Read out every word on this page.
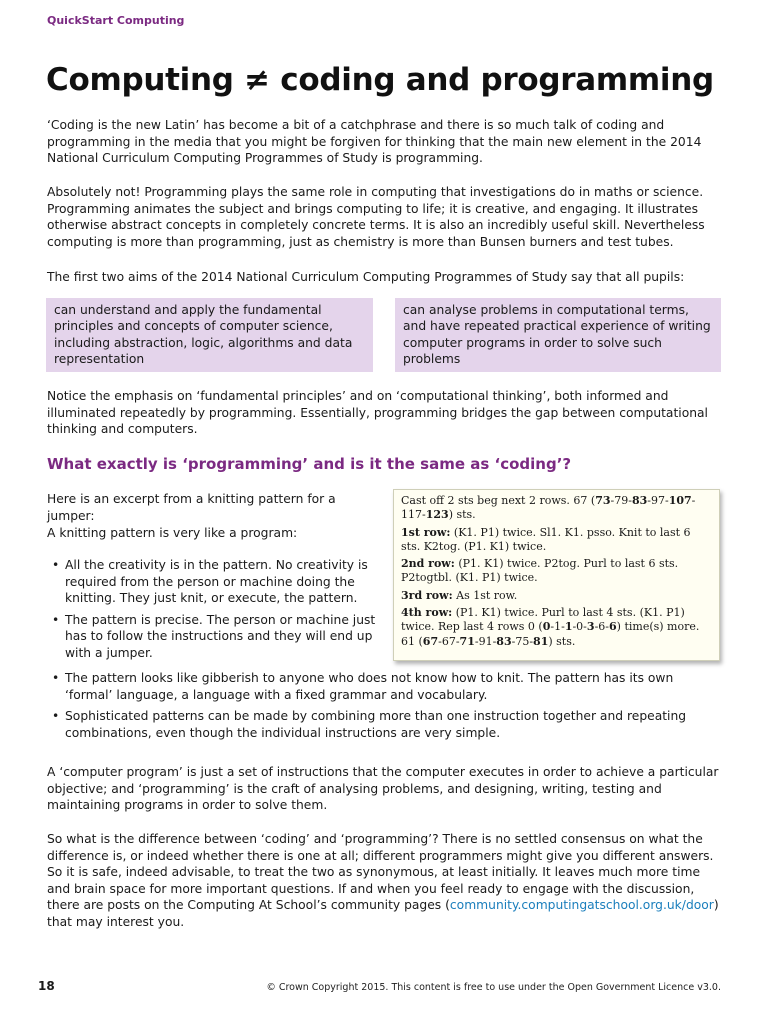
QuickStart Computing
Computing ≠ coding and programming

‘Coding is the new Latin’ has become a bit of a catchphrase and there is so much talk of coding and programming in the media that you might be forgiven for thinking that the main new element in the 2014 National Curriculum Computing Programmes of Study is programming.

Absolutely not! Programming plays the same role in computing that investigations do in maths or science. Programming animates the subject and brings computing to life; it is creative, and engaging. It illustrates otherwise abstract concepts in completely concrete terms. It is also an incredibly useful skill. Nevertheless computing is more than programming, just as chemistry is more than Bunsen burners and test tubes.

The first two aims of the 2014 National Curriculum Computing Programmes of Study say that all pupils:

can understand and apply the fundamental principles and concepts of computer science, including abstraction, logic, algorithms and data representation
can analyse problems in computational terms, and have repeated practical experience of writing computer programs in order to solve such problems

Notice the emphasis on ‘fundamental principles’ and on ‘computational thinking’, both informed and illuminated repeatedly by programming. Essentially, programming bridges the gap between computational thinking and computers.

What exactly is ‘programming’ and is it the same as ‘coding’?

Here is an excerpt from a knitting pattern for a jumper:

A knitting pattern is very like a program:

Cast off 2 sts beg next 2 rows. 67 (73-79-83-97-107-117-123) sts.

1st row: (K1. P1) twice. Sl1. K1. psso. Knit to last 6 sts. K2tog. (P1. K1) twice.

2nd row: (P1. K1) twice. P2tog. Purl to last 6 sts. P2togtbl. (K1. P1) twice.

3rd row: As 1st row.

4th row: (P1. K1) twice. Purl to last 4 sts. (K1. P1) twice. Rep last 4 rows 0 (0-1-1-0-3-6-6) time(s) more. 61 (67-67-71-91-83-75-81) sts.

• All the creativity is in the pattern. No creativity is required from the person or machine doing the knitting. They just knit, or execute, the pattern.
• The pattern is precise. The person or machine just has to follow the instructions and they will end up with a jumper.
• The pattern looks like gibberish to anyone who does not know how to knit. The pattern has its own ‘formal’ language, a language with a fixed grammar and vocabulary.
• Sophisticated patterns can be made by combining more than one instruction together and repeating combinations, even though the individual instructions are very simple.

A ‘computer program’ is just a set of instructions that the computer executes in order to achieve a particular objective; and ‘programming’ is the craft of analysing problems, and designing, writing, testing and maintaining programs in order to solve them.

So what is the difference between ‘coding’ and ‘programming’? There is no settled consensus on what the difference is, or indeed whether there is one at all; different programmers might give you different answers. So it is safe, indeed advisable, to treat the two as synonymous, at least initially. It leaves much more time and brain space for more important questions. If and when you feel ready to engage with the discussion, there are posts on the Computing At School’s community pages (community.computingatschool.org.uk/door) that may interest you.

18	© Crown Copyright 2015. This content is free to use under the Open Government Licence v3.0.
